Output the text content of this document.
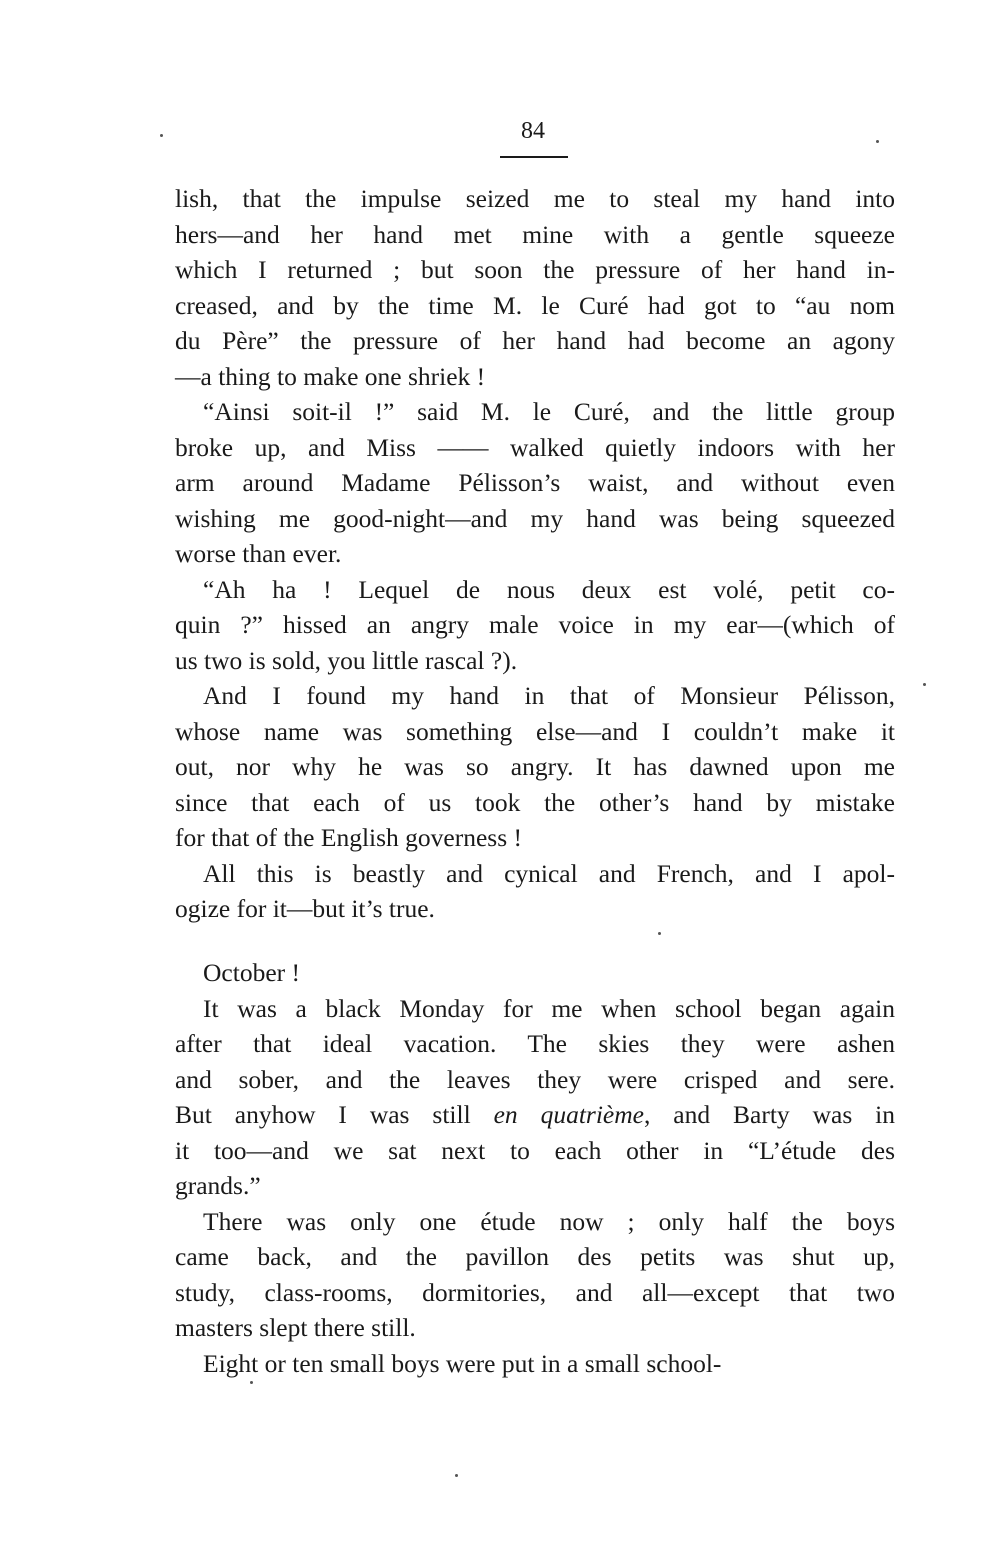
84
lish, that the impulse seized me to steal my hand into
hers—and her hand met mine with a gentle squeeze
which I returned ; but soon the pressure of her hand in-
creased, and by the time M. le Curé had got to “au nom
du Père” the pressure of her hand had become an agony
—a thing to make one shriek !
“Ainsi soit-il !” said M. le Curé, and the little group
broke up, and Miss —— walked quietly indoors with her
arm around Madame Pélisson’s waist, and without even
wishing me good-night—and my hand was being squeezed
worse than ever.
“Ah ha ! Lequel de nous deux est volé, petit co-
quin ?” hissed an angry male voice in my ear—(which of
us two is sold, you little rascal ?).
And I found my hand in that of Monsieur Pélisson,
whose name was something else—and I couldn’t make it
out, nor why he was so angry. It has dawned upon me
since that each of us took the other’s hand by mistake
for that of the English governess !
All this is beastly and cynical and French, and I apol-
ogize for it—but it’s true.
October !
It was a black Monday for me when school began again
after that ideal vacation. The skies they were ashen
and sober, and the leaves they were crisped and sere.
But anyhow I was still en quatrième, and Barty was in
it too—and we sat next to each other in “L’étude des
grands.”
There was only one étude now ; only half the boys
came back, and the pavillon des petits was shut up,
study, class-rooms, dormitories, and all—except that two
masters slept there still.
Eight or ten small boys were put in a small school-
